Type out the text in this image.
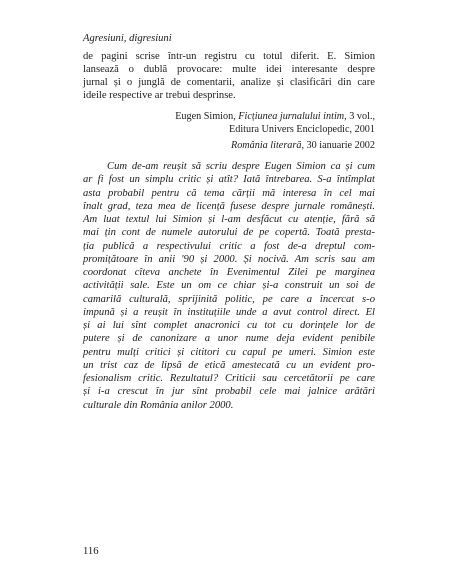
Agresiuni, digresiuni
de pagini scrise într-un registru cu totul diferit. E. Simion
lansează o dublă provocare: multe idei interesante despre
jurnal și o junglă de comentarii, analize și clasificări din care
ideile respective ar trebui desprinse.
Eugen Simion, Ficțiunea jurnalului intim, 3 vol.,
Editura Univers Enciclopedic, 2001
România literară, 30 ianuarie 2002
Cum de-am reușit să scriu despre Eugen Simion ca și cum
ar fi fost un simplu critic și atît? Iată întrebarea. S-a întîmplat
asta probabil pentru că tema cărții mă interesa în cel mai
înalt grad, teza mea de licență fusese despre jurnale românești.
Am luat textul lui Simion și l-am desfăcut cu atenție, fără să
mai țin cont de numele autorului de pe copertă. Toată presta-
ția publică a respectivului critic a fost de-a dreptul com-
promițătoare în anii '90 și 2000. Și nocivă. Am scris sau am
coordonat cîteva anchete în Evenimentul Zilei pe marginea
activității sale. Este un om ce chiar și-a construit un soi de
camarilă culturală, sprijinită politic, pe care a încercat s-o
impună și a reușit în instituțiile unde a avut control direct. El
și ai lui sînt complet anacronici cu tot cu dorințele lor de
putere și de canonizare a unor nume deja evident penibile
pentru mulți critici și cititori cu capul pe umeri. Simion este
un trist caz de lipsă de etică amestecată cu un evident pro-
fesionalism critic. Rezultatul? Criticii sau cercetătorii pe care
și i-a crescut în jur sînt probabil cele mai jalnice arătări
culturale din România anilor 2000.
116
